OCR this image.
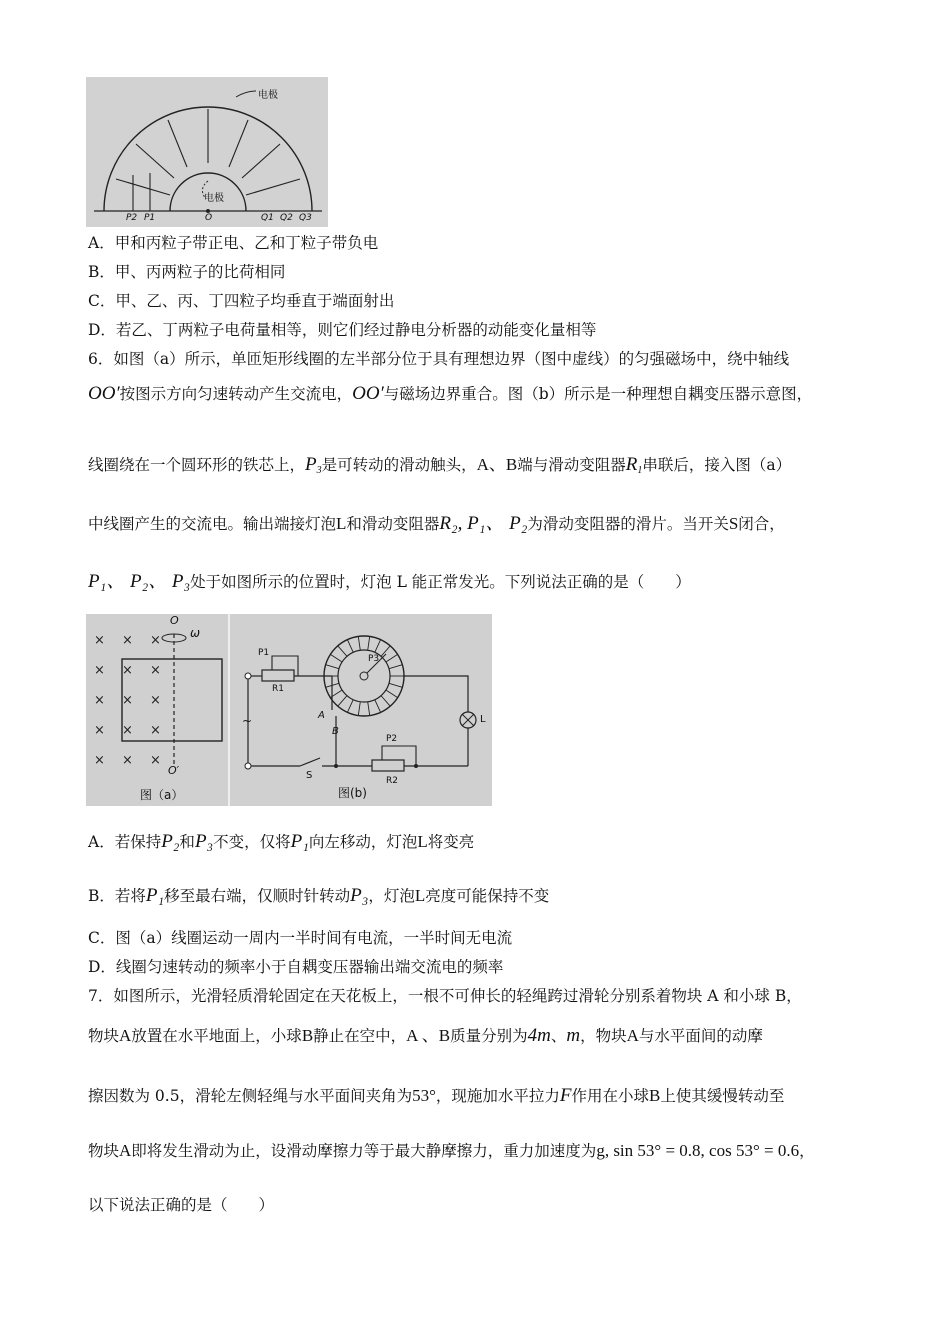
电极
电极
P2 P1	O	Q1 Q2 Q3
A．甲和丙粒子带正电、乙和丁粒子带负电
B．甲、丙两粒子的比荷相同
C．甲、乙、丙、丁四粒子均垂直于端面射出
D．若乙、丁两粒子电荷量相等，则它们经过静电分析器的动能变化量相等
6．如图（a）所示，单匝矩形线圈的左半部分位于具有理想边界（图中虚线）的匀强磁场中，绕中轴线
OO′按图示方向匀速转动产生交流电，OO′与磁场边界重合。图（b）所示是一种理想自耦变压器示意图，
线圈绕在一个圆环形的铁芯上，$P_3$是可转动的滑动触头，A、B端与滑动变阻器$R_1$串联后，接入图（a）
中线圈产生的交流电。输出端接灯泡L和滑动变阻器R₂, P₁、 P₂为滑动变阻器的滑片。当开关S闭合，
P₁、 P₂、 P₃处于如图所示的位置时，灯泡 L 能正常发光。下列说法正确的是（　　）
× × ×
× × ×
× × ×
× × ×
× × ×
O
ω
O′
P1
R1
P3
A
B
~
S
P2
R2
L
图（a）	图(b)
A．若保持P₂和P₃不变，仅将P₁向左移动，灯泡L将变亮
B．若将P₁移至最右端，仅顺时针转动P₃，灯泡L亮度可能保持不变
C．图（a）线圈运动一周内一半时间有电流，一半时间无电流
D．线圈匀速转动的频率小于自耦变压器输出端交流电的频率
7．如图所示，光滑轻质滑轮固定在天花板上，一根不可伸长的轻绳跨过滑轮分别系着物块 A 和小球 B，
物块A放置在水平地面上，小球B静止在空中，A 、B质量分别为4m、m，物块A与水平面间的动摩
擦因数为 0.5，滑轮左侧轻绳与水平面间夹角为53°，现施加水平拉力F作用在小球B上使其缓慢转动至
物块A即将发生滑动为止，设滑动摩擦力等于最大静摩擦力，重力加速度为g, sin 53° = 0.8, cos 53° = 0.6，
以下说法正确的是（　　）
